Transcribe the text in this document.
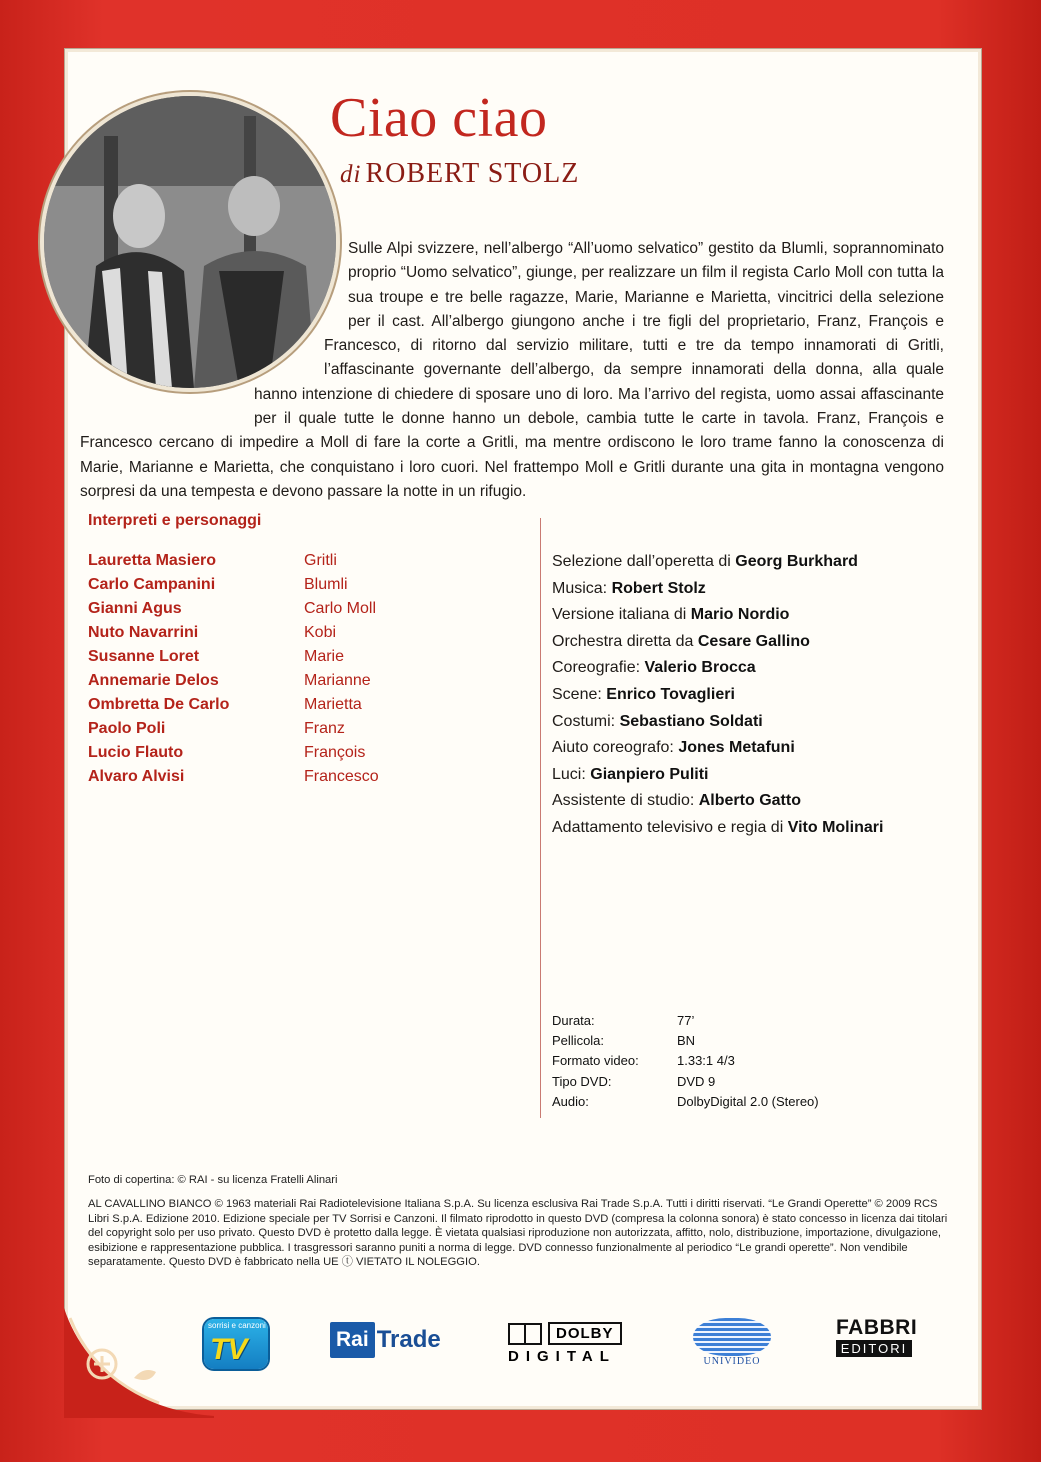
Ciao ciao
di ROBERT STOLZ
Sulle Alpi svizzere, nell’albergo “All’uomo selvatico” gestito da Blumli, soprannominato proprio “Uomo selvatico”, giunge, per realizzare un film il regista Carlo Moll con tutta la sua troupe e tre belle ragazze, Marie, Marianne e Marietta, vincitrici della selezione per il cast. All’albergo giungono anche i tre figli del proprietario, Franz, François e Francesco, di ritorno dal servizio militare, tutti e tre da tempo innamorati di Gritli, l’affascinante governante dell’albergo, da sempre innamorati della donna, alla quale hanno intenzione di chiedere di sposare uno di loro. Ma l’arrivo del regista, uomo assai affascinante per il quale tutte le donne hanno un debole, cambia tutte le carte in tavola. Franz, François e Francesco cercano di impedire a Moll di fare la corte a Gritli, ma mentre ordiscono le loro trame fanno la conoscenza di Marie, Marianne e Marietta, che conquistano i loro cuori. Nel frattempo Moll e Gritli durante una gita in montagna vengono sorpresi da una tempesta e devono passare la notte in un rifugio.
Interpreti e personaggi
Lauretta Masiero	Gritli
Carlo Campanini	Blumli
Gianni Agus	Carlo Moll
Nuto Navarrini	Kobi
Susanne Loret	Marie
Annemarie Delos	Marianne
Ombretta De Carlo	Marietta
Paolo Poli	Franz
Lucio Flauto	François
Alvaro Alvisi	Francesco
Selezione dall’operetta di Georg Burkhard
Musica: Robert Stolz
Versione italiana di Mario Nordio
Orchestra diretta da Cesare Gallino
Coreografie: Valerio Brocca
Scene: Enrico Tovaglieri
Costumi: Sebastiano Soldati
Aiuto coreografo: Jones Metafuni
Luci: Gianpiero Puliti
Assistente di studio: Alberto Gatto
Adattamento televisivo e regia di Vito Molinari
Durata:	77’
Pellicola:	BN
Formato video:	1.33:1 4/3
Tipo DVD:	DVD 9
Audio:	DolbyDigital 2.0 (Stereo)

Foto di copertina: © RAI - su licenza Fratelli Alinari

AL CAVALLINO BIANCO © 1963 materiali Rai Radiotelevisione Italiana S.p.A. Su licenza esclusiva Rai Trade S.p.A. Tutti i diritti riservati. “Le Grandi Operette” © 2009 RCS Libri S.p.A. Edizione 2010. Edizione speciale per TV Sorrisi e Canzoni. Il filmato riprodotto in questo DVD (compresa la colonna sonora) è stato concesso in licenza dai titolari del copyright solo per uso privato. Questo DVD è protetto dalla legge. È vietata qualsiasi riproduzione non autorizzata, affitto, nolo, distribuzione, importazione, divulgazione, esibizione e rappresentazione pubblica. I trasgressori saranno puniti a norma di legge. DVD connesso funzionalmente al periodico “Le grandi operette”. Non vendibile separatamente. Questo DVD è fabbricato nella UE ⓣ VIETATO IL NOLEGGIO.

sorrisi e canzoni
TV	Rai Trade	DOLBY
DIGITAL	UNIVIDEO
FABBRI
EDITORI
